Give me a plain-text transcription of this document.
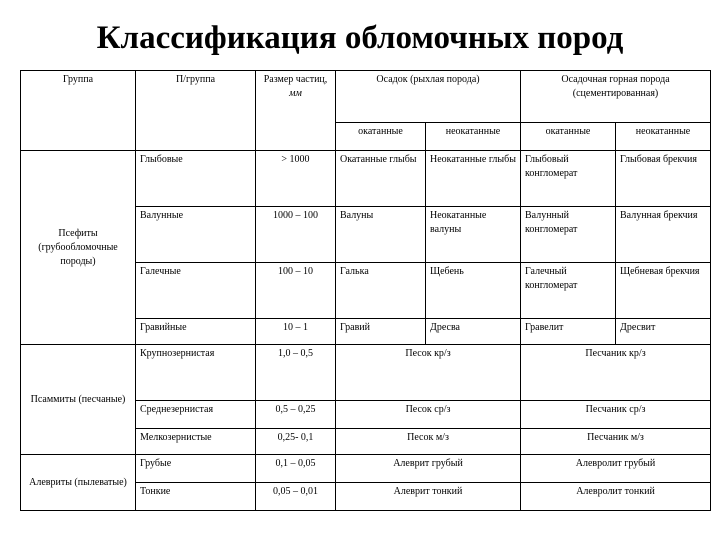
Классификация обломочных пород
Группа	П/группа	Размер частиц, мм	Осадок (рыхлая порода)		Осадочная горная порода (сцементированная)	
			окатанные	неокатанные	окатанные	неокатанные
Псефиты (грубообломочные породы)	Глыбовые	> 1000	Окатанные глыбы	Неокатанные глыбы	Глыбовый конгломерат	Глыбовая брекчия
	Валунные	1000 – 100	Валуны	Неокатанные валуны	Валунный конгломерат	Валунная брекчия
	Галечные	100 – 10	Галька	Щебень	Галечный конгломерат	Щебневая брекчия
	Гравийные	10 – 1	Гравий	Дресва	Гравелит	Дресвит
Псаммиты (песчаные)	Крупнозернистая	1,0 – 0,5	Песок кр/з		Песчаник кр/з	
	Среднезернистая	0,5 – 0,25	Песок ср/з		Песчаник ср/з	
	Мелкозернистые	0,25- 0,1	Песок м/з		Песчаник м/з	
Алевриты (пылеватые)	Грубые	0,1 – 0,05	Алеврит грубый		Алевролит грубый	
	Тонкие	0,05 – 0,01	Алеврит тонкий		Алевролит тонкий	
